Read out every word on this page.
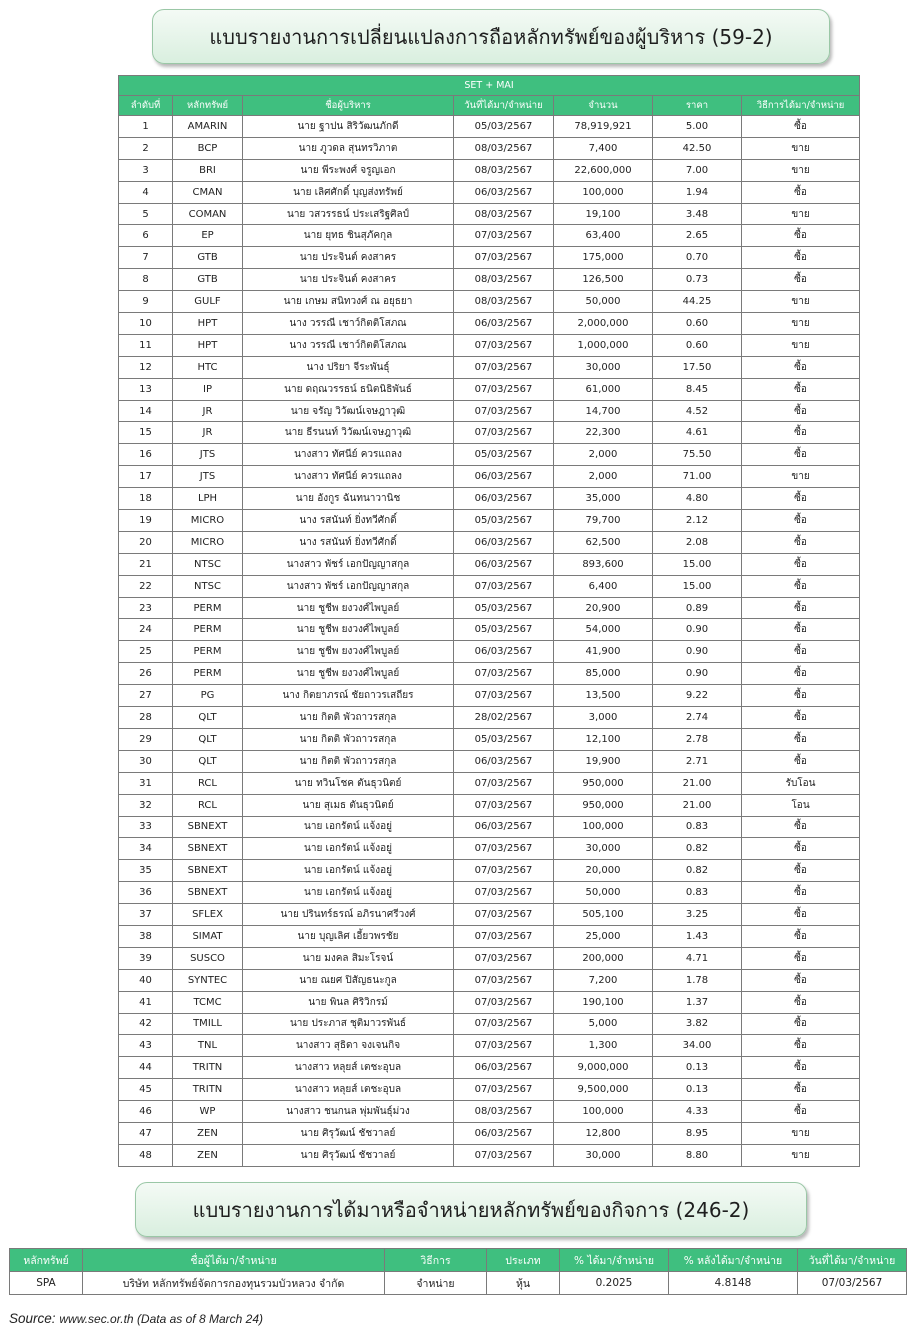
แบบรายงานการเปลี่ยนแปลงการถือหลักทรัพย์ของผู้บริหาร (59-2)
SET + MAI						
ลำดับที่	หลักทรัพย์	ชื่อผู้บริหาร	วันที่ได้มา/จำหน่าย	จำนวน	ราคา	วิธีการได้มา/จำหน่าย
1	AMARIN	นาย ฐาปน สิริวัฒนภักดี	05/03/2567	78,919,921	5.00	ซื้อ
2	BCP	นาย ภูวดล สุนทรวิภาต	08/03/2567	7,400	42.50	ขาย
3	BRI	นาย พีระพงศ์ จรูญเอก	08/03/2567	22,600,000	7.00	ขาย
4	CMAN	นาย เลิศศักดิ์ บุญส่งทรัพย์	06/03/2567	100,000	1.94	ซื้อ
5	COMAN	นาย วสวรรธน์ ประเสริฐศิลป์	08/03/2567	19,100	3.48	ขาย
6	EP	นาย ยุทธ ชินสุภัคกุล	07/03/2567	63,400	2.65	ซื้อ
7	GTB	นาย ประจินต์ คงสาคร	07/03/2567	175,000	0.70	ซื้อ
8	GTB	นาย ประจินต์ คงสาคร	08/03/2567	126,500	0.73	ซื้อ
9	GULF	นาย เกษม สนิทวงศ์ ณ อยุธยา	08/03/2567	50,000	44.25	ขาย
10	HPT	นาง วรรณี เชาว์กิตติโสภณ	06/03/2567	2,000,000	0.60	ขาย
11	HPT	นาง วรรณี เชาว์กิตติโสภณ	07/03/2567	1,000,000	0.60	ขาย
12	HTC	นาง ปริยา จีระพันธุ์	07/03/2567	30,000	17.50	ซื้อ
13	IP	นาย ดฤณวรรธน์ ธนิตนิธิพันธ์	07/03/2567	61,000	8.45	ซื้อ
14	JR	นาย จรัญ วิวัฒน์เจษฎาวุฒิ	07/03/2567	14,700	4.52	ซื้อ
15	JR	นาย ธีรนนท์ วิวัฒน์เจษฎาวุฒิ	07/03/2567	22,300	4.61	ซื้อ
16	JTS	นางสาว ทัศนีย์ ควรแถลง	05/03/2567	2,000	75.50	ซื้อ
17	JTS	นางสาว ทัศนีย์ ควรแถลง	06/03/2567	2,000	71.00	ขาย
18	LPH	นาย อังกูร ฉันทนาวานิช	06/03/2567	35,000	4.80	ซื้อ
19	MICRO	นาง รสนันท์ ยิ่งทวีศักดิ์	05/03/2567	79,700	2.12	ซื้อ
20	MICRO	นาง รสนันท์ ยิ่งทวีศักดิ์	06/03/2567	62,500	2.08	ซื้อ
21	NTSC	นางสาว พัชร์ เอกปัญญาสกุล	06/03/2567	893,600	15.00	ซื้อ
22	NTSC	นางสาว พัชร์ เอกปัญญาสกุล	07/03/2567	6,400	15.00	ซื้อ
23	PERM	นาย ชูชีพ ยงวงศ์ไพบูลย์	05/03/2567	20,900	0.89	ซื้อ
24	PERM	นาย ชูชีพ ยงวงศ์ไพบูลย์	05/03/2567	54,000	0.90	ซื้อ
25	PERM	นาย ชูชีพ ยงวงศ์ไพบูลย์	06/03/2567	41,900	0.90	ซื้อ
26	PERM	นาย ชูชีพ ยงวงศ์ไพบูลย์	07/03/2567	85,000	0.90	ซื้อ
27	PG	นาง กิตยาภรณ์ ชัยถาวรเสถียร	07/03/2567	13,500	9.22	ซื้อ
28	QLT	นาย กิตติ พัวถาวรสกุล	28/02/2567	3,000	2.74	ซื้อ
29	QLT	นาย กิตติ พัวถาวรสกุล	05/03/2567	12,100	2.78	ซื้อ
30	QLT	นาย กิตติ พัวถาวรสกุล	06/03/2567	19,900	2.71	ซื้อ
31	RCL	นาย ทวินโชค ตันธุวนิตย์	07/03/2567	950,000	21.00	รับโอน
32	RCL	นาย สุเมธ ตันธุวนิตย์	07/03/2567	950,000	21.00	โอน
33	SBNEXT	นาย เอกรัตน์ แจ้งอยู่	06/03/2567	100,000	0.83	ซื้อ
34	SBNEXT	นาย เอกรัตน์ แจ้งอยู่	07/03/2567	30,000	0.82	ซื้อ
35	SBNEXT	นาย เอกรัตน์ แจ้งอยู่	07/03/2567	20,000	0.82	ซื้อ
36	SBNEXT	นาย เอกรัตน์ แจ้งอยู่	07/03/2567	50,000	0.83	ซื้อ
37	SFLEX	นาย ปรินทร์ธรณ์ อภิรนาศรีวงศ์	07/03/2567	505,100	3.25	ซื้อ
38	SIMAT	นาย บุญเลิศ เอี้ยวพรชัย	07/03/2567	25,000	1.43	ซื้อ
39	SUSCO	นาย มงคล สิมะโรจน์	07/03/2567	200,000	4.71	ซื้อ
40	SYNTEC	นาย ณยศ ปิสัญธนะกูล	07/03/2567	7,200	1.78	ซื้อ
41	TCMC	นาย พินล ศิริวิกรม์	07/03/2567	190,100	1.37	ซื้อ
42	TMILL	นาย ประภาส ชุติมาวรพันธ์	07/03/2567	5,000	3.82	ซื้อ
43	TNL	นางสาว สุธิดา จงเจนกิจ	07/03/2567	1,300	34.00	ซื้อ
44	TRITN	นางสาว หลุยส์ เตชะอุบล	06/03/2567	9,000,000	0.13	ซื้อ
45	TRITN	นางสาว หลุยส์ เตชะอุบล	07/03/2567	9,500,000	0.13	ซื้อ
46	WP	นางสาว ชนกนล พุ่มพันธุ์ม่วง	08/03/2567	100,000	4.33	ซื้อ
47	ZEN	นาย ศิรุวัฒน์ ชัชวาลย์	06/03/2567	12,800	8.95	ขาย
48	ZEN	นาย ศิรุวัฒน์ ชัชวาลย์	07/03/2567	30,000	8.80	ขาย
แบบรายงานการได้มาหรือจำหน่ายหลักทรัพย์ของกิจการ (246-2)
หลักทรัพย์	ชื่อผู้ได้มา/จำหน่าย	วิธีการ	ประเภท	% ได้มา/จำหน่าย	% หลังได้มา/จำหน่าย	วันที่ได้มา/จำหน่าย
SPA	บริษัท หลักทรัพย์จัดการกองทุนรวมบัวหลวง จำกัด	จำหน่าย	หุ้น	0.2025	4.8148	07/03/2567
Source: www.sec.or.th (Data as of 8 March 24)
